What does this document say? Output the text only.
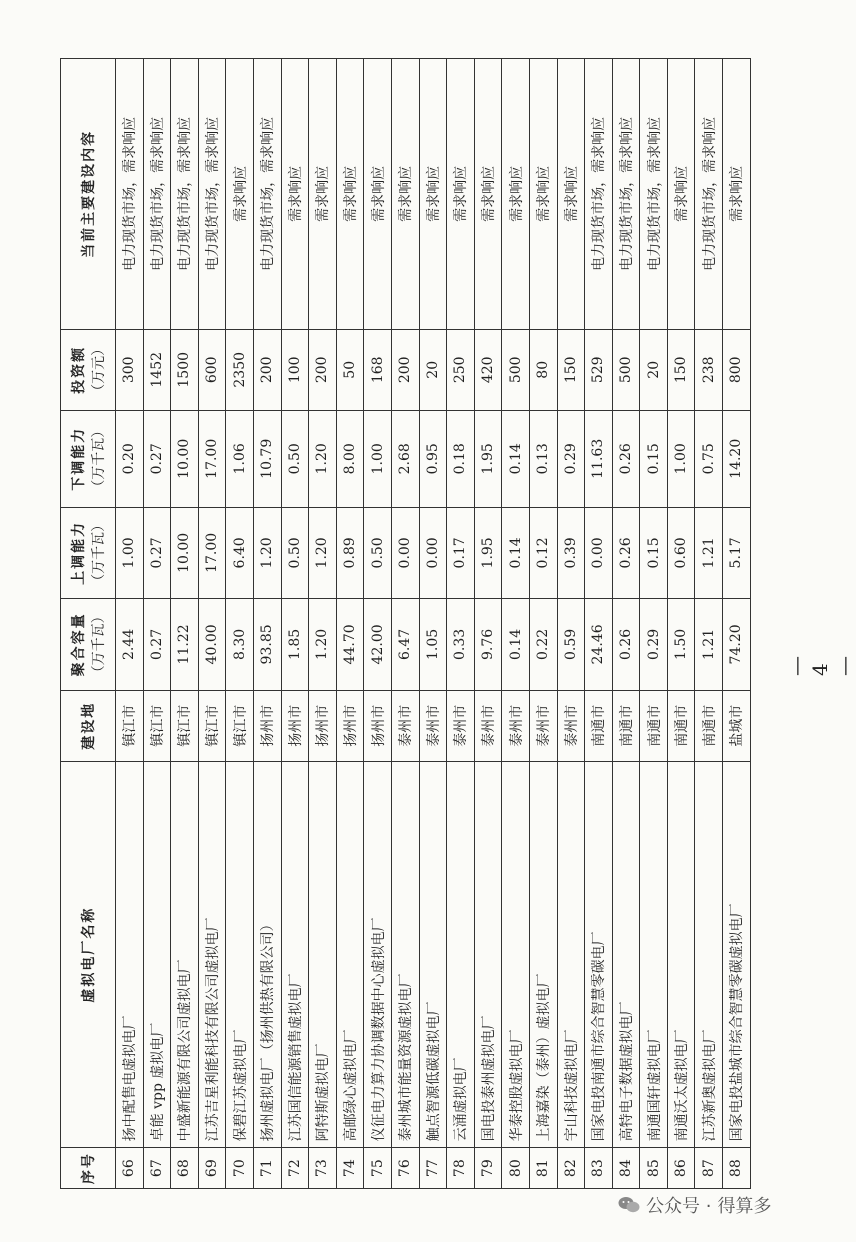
序号	虚拟电厂名称	建设地	聚合容量 （万千瓦）	上调能力 （万千瓦）	下调能力 （万千瓦）	投资额 （万元）	当前主要建设内容
66	扬中配售电虚拟电厂	镇江市	2.44	1.00	0.20	300	电力现货市场，需求响应
67	卓能 vpp 虚拟电厂	镇江市	0.27	0.27	0.27	1452	电力现货市场，需求响应
68	中盛新能源有限公司虚拟电厂	镇江市	11.22	10.00	10.00	1500	电力现货市场，需求响应
69	江苏吉星利能科技有限公司虚拟电厂	镇江市	40.00	17.00	17.00	600	电力现货市场，需求响应
70	保碧江苏虚拟电厂	镇江市	8.30	6.40	1.06	2350	需求响应
71	扬州虚拟电厂（扬州供热有限公司）	扬州市	93.85	1.20	10.79	200	电力现货市场，需求响应
72	江苏国信能源销售虚拟电厂	扬州市	1.85	0.50	0.50	100	需求响应
73	阿特斯虚拟电厂	扬州市	1.20	1.20	1.20	200	需求响应
74	高邮绿心虚拟电厂	扬州市	44.70	0.89	8.00	50	需求响应
75	仪征电力算力协调数据中心虚拟电厂	扬州市	42.00	0.50	1.00	168	需求响应
76	泰州城市能量资源虚拟电厂	泰州市	6.47	0.00	2.68	200	需求响应
77	触点智源低碳虚拟电厂	泰州市	1.05	0.00	0.95	20	需求响应
78	云涌虚拟电厂	泰州市	0.33	0.17	0.18	250	需求响应
79	国电投泰州虚拟电厂	泰州市	9.76	1.95	1.95	420	需求响应
80	华泰控股虚拟电厂	泰州市	0.14	0.14	0.14	500	需求响应
81	上海嘉染（泰州）虚拟电厂	泰州市	0.22	0.12	0.13	80	需求响应
82	宇山科技虚拟电厂	泰州市	0.59	0.39	0.29	150	需求响应
83	国家电投南通市综合智慧零碳电厂	南通市	24.46	0.00	11.63	529	电力现货市场，需求响应
84	高特电子数据虚拟电厂	南通市	0.26	0.26	0.26	500	电力现货市场，需求响应
85	南通国轩虚拟电厂	南通市	0.29	0.15	0.15	20	电力现货市场，需求响应
86	南通沃太虚拟电厂	南通市	1.50	0.60	1.00	150	需求响应
87	江苏新奥虚拟电厂	南通市	1.21	1.21	0.75	238	电力现货市场，需求响应
88	国家电投盐城市综合智慧零碳虚拟电厂	盐城市	74.20	5.17	14.20	800	需求响应
— 4 —
公众号 · 得算多
